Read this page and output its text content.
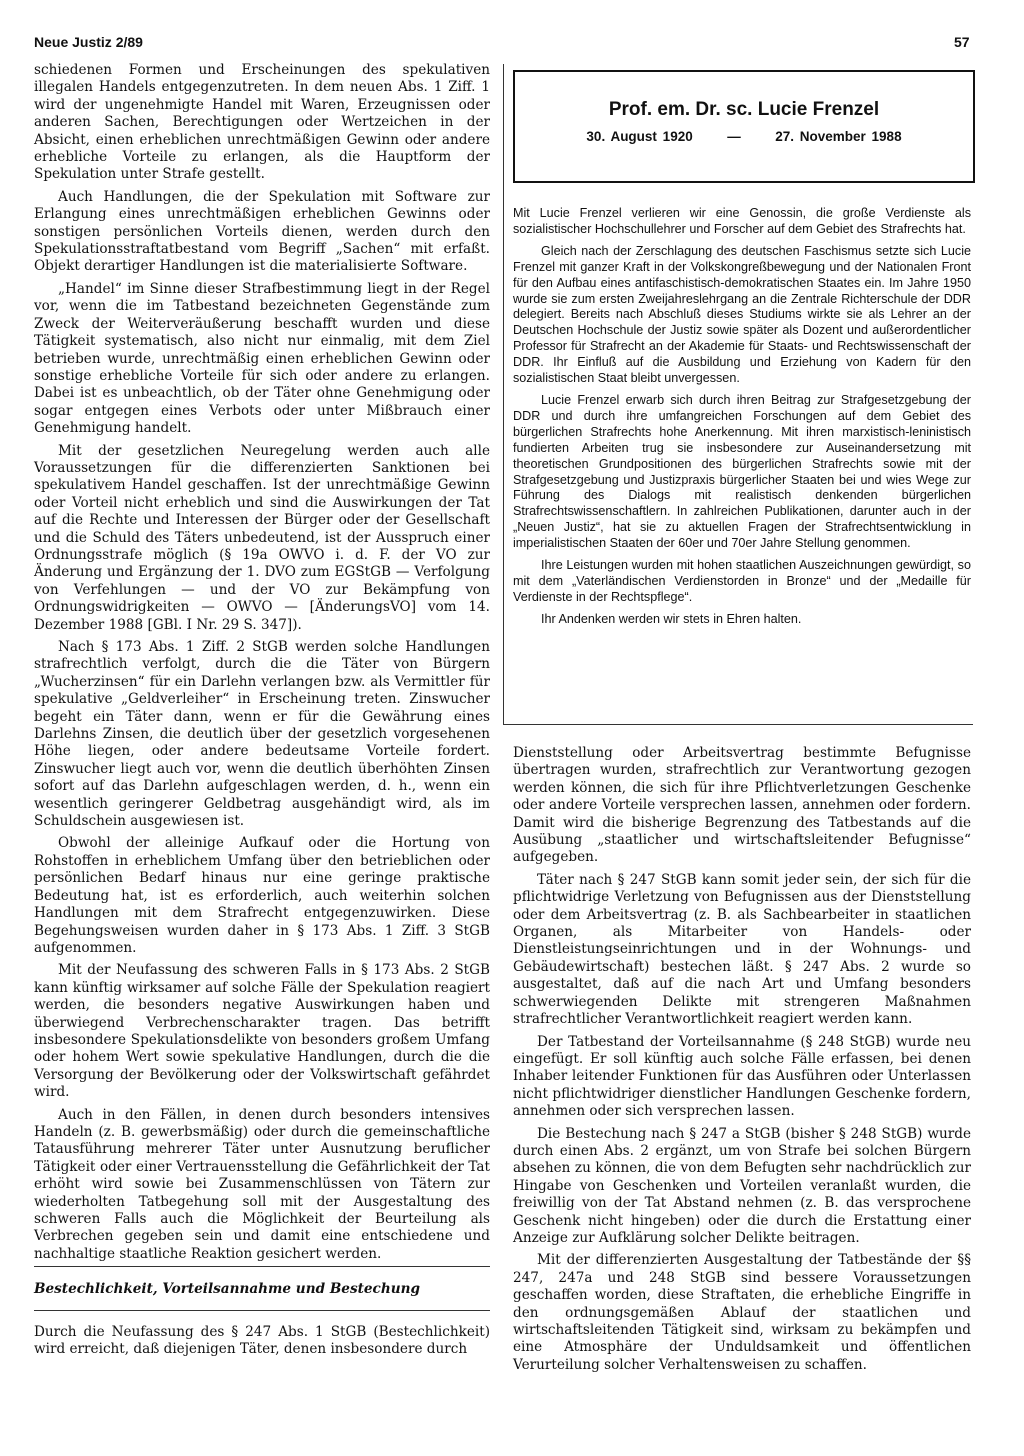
Neue Justiz 2/89	57

schiedenen Formen und Erscheinungen des spekulativen illegalen Handels entgegenzutreten. In dem neuen Abs. 1 Ziff. 1 wird der ungenehmigte Handel mit Waren, Erzeugnissen oder anderen Sachen, Berechtigungen oder Wertzeichen in der Absicht, einen erheblichen unrechtmäßigen Gewinn oder andere erhebliche Vorteile zu erlangen, als die Hauptform der Spekulation unter Strafe gestellt.

Auch Handlungen, die der Spekulation mit Software zur Erlangung eines unrechtmäßigen erheblichen Gewinns oder sonstigen persönlichen Vorteils dienen, werden durch den Spekulationsstraftatbestand vom Begriff „Sachen“ mit erfaßt. Objekt derartiger Handlungen ist die materialisierte Software.

„Handel“ im Sinne dieser Strafbestimmung liegt in der Regel vor, wenn die im Tatbestand bezeichneten Gegenstände zum Zweck der Weiterveräußerung beschafft wurden und diese Tätigkeit systematisch, also nicht nur einmalig, mit dem Ziel betrieben wurde, unrechtmäßig einen erheblichen Gewinn oder sonstige erhebliche Vorteile für sich oder andere zu erlangen. Dabei ist es unbeachtlich, ob der Täter ohne Genehmigung oder sogar entgegen eines Verbots oder unter Mißbrauch einer Genehmigung handelt.

Mit der gesetzlichen Neuregelung werden auch alle Voraussetzungen für die differenzierten Sanktionen bei spekulativem Handel geschaffen. Ist der unrechtmäßige Gewinn oder Vorteil nicht erheblich und sind die Auswirkungen der Tat auf die Rechte und Interessen der Bürger oder der Gesellschaft und die Schuld des Täters unbedeutend, ist der Ausspruch einer Ordnungsstrafe möglich (§ 19a OWVO i. d. F. der VO zur Änderung und Ergänzung der 1. DVO zum EGStGB — Verfolgung von Verfehlungen — und der VO zur Bekämpfung von Ordnungswidrigkeiten — OWVO — [ÄnderungsVO] vom 14. Dezember 1988 [GBl. I Nr. 29 S. 347]).

Nach § 173 Abs. 1 Ziff. 2 StGB werden solche Handlungen strafrechtlich verfolgt, durch die die Täter von Bürgern „Wucherzinsen“ für ein Darlehn verlangen bzw. als Vermittler für spekulative „Geldverleiher“ in Erscheinung treten. Zinswucher begeht ein Täter dann, wenn er für die Gewährung eines Darlehns Zinsen, die deutlich über der gesetzlich vorgesehenen Höhe liegen, oder andere bedeutsame Vorteile fordert. Zinswucher liegt auch vor, wenn die deutlich überhöhten Zinsen sofort auf das Darlehn aufgeschlagen werden, d. h., wenn ein wesentlich geringerer Geldbetrag ausgehändigt wird, als im Schuldschein ausgewiesen ist.

Obwohl der alleinige Aufkauf oder die Hortung von Rohstoffen in erheblichem Umfang über den betrieblichen oder persönlichen Bedarf hinaus nur eine geringe praktische Bedeutung hat, ist es erforderlich, auch weiterhin solchen Handlungen mit dem Strafrecht entgegenzuwirken. Diese Begehungsweisen wurden daher in § 173 Abs. 1 Ziff. 3 StGB aufgenommen.

Mit der Neufassung des schweren Falls in § 173 Abs. 2 StGB kann künftig wirksamer auf solche Fälle der Spekulation reagiert werden, die besonders negative Auswirkungen haben und überwiegend Verbrechenscharakter tragen. Das betrifft insbesondere Spekulationsdelikte von besonders großem Umfang oder hohem Wert sowie spekulative Handlungen, durch die die Versorgung der Bevölkerung oder der Volkswirtschaft gefährdet wird.

Auch in den Fällen, in denen durch besonders intensives Handeln (z. B. gewerbsmäßig) oder durch die gemeinschaftliche Tatausführung mehrerer Täter unter Ausnutzung beruflicher Tätigkeit oder einer Vertrauensstellung die Gefährlichkeit der Tat erhöht wird sowie bei Zusammenschlüssen von Tätern zur wiederholten Tatbegehung soll mit der Ausgestaltung des schweren Falls auch die Möglichkeit der Beurteilung als Verbrechen gegeben sein und damit eine entschiedene und nachhaltige staatliche Reaktion gesichert werden.

Bestechlichkeit, Vorteilsannahme und Bestechung

Durch die Neufassung des § 247 Abs. 1 StGB (Bestechlichkeit) wird erreicht, daß diejenigen Täter, denen insbesondere durch

Prof. em. Dr. sc. Lucie Frenzel
30. August 1920	—	27. November 1988

Mit Lucie Frenzel verlieren wir eine Genossin, die große Verdienste als sozialistischer Hochschullehrer und Forscher auf dem Gebiet des Strafrechts hat.

Gleich nach der Zerschlagung des deutschen Faschismus setzte sich Lucie Frenzel mit ganzer Kraft in der Volkskongreßbewegung und der Nationalen Front für den Aufbau eines antifaschistisch-demokratischen Staates ein. Im Jahre 1950 wurde sie zum ersten Zweijahreslehrgang an die Zentrale Richterschule der DDR delegiert. Bereits nach Abschluß dieses Studiums wirkte sie als Lehrer an der Deutschen Hochschule der Justiz sowie später als Dozent und außerordentlicher Professor für Strafrecht an der Akademie für Staats- und Rechtswissenschaft der DDR. Ihr Einfluß auf die Ausbildung und Erziehung von Kadern für den sozialistischen Staat bleibt unvergessen.

Lucie Frenzel erwarb sich durch ihren Beitrag zur Strafgesetzgebung der DDR und durch ihre umfangreichen Forschungen auf dem Gebiet des bürgerlichen Strafrechts hohe Anerkennung. Mit ihren marxistisch-leninistisch fundierten Arbeiten trug sie insbesondere zur Auseinandersetzung mit theoretischen Grundpositionen des bürgerlichen Strafrechts sowie mit der Strafgesetzgebung und Justizpraxis bürgerlicher Staaten bei und wies Wege zur Führung des Dialogs mit realistisch denkenden bürgerlichen Strafrechtswissenschaftlern. In zahlreichen Publikationen, darunter auch in der „Neuen Justiz“, hat sie zu aktuellen Fragen der Strafrechtsentwicklung in imperialistischen Staaten der 60er und 70er Jahre Stellung genommen.

Ihre Leistungen wurden mit hohen staatlichen Auszeichnungen gewürdigt, so mit dem „Vaterländischen Verdienstorden in Bronze“ und der „Medaille für Verdienste in der Rechtspflege“.

Ihr Andenken werden wir stets in Ehren halten.

Dienststellung oder Arbeitsvertrag bestimmte Befugnisse übertragen wurden, strafrechtlich zur Verantwortung gezogen werden können, die sich für ihre Pflichtverletzungen Geschenke oder andere Vorteile versprechen lassen, annehmen oder fordern. Damit wird die bisherige Begrenzung des Tatbestands auf die Ausübung „staatlicher und wirtschaftsleitender Befugnisse“ aufgegeben.

Täter nach § 247 StGB kann somit jeder sein, der sich für die pflichtwidrige Verletzung von Befugnissen aus der Dienststellung oder dem Arbeitsvertrag (z. B. als Sachbearbeiter in staatlichen Organen, als Mitarbeiter von Handels- oder Dienstleistungseinrichtungen und in der Wohnungs- und Gebäudewirtschaft) bestechen läßt. § 247 Abs. 2 wurde so ausgestaltet, daß auf die nach Art und Umfang besonders schwerwiegenden Delikte mit strengeren Maßnahmen strafrechtlicher Verantwortlichkeit reagiert werden kann.

Der Tatbestand der Vorteilsannahme (§ 248 StGB) wurde neu eingefügt. Er soll künftig auch solche Fälle erfassen, bei denen Inhaber leitender Funktionen für das Ausführen oder Unterlassen nicht pflichtwidriger dienstlicher Handlungen Geschenke fordern, annehmen oder sich versprechen lassen.

Die Bestechung nach § 247 a StGB (bisher § 248 StGB) wurde durch einen Abs. 2 ergänzt, um von Strafe bei solchen Bürgern absehen zu können, die von dem Befugten sehr nachdrücklich zur Hingabe von Geschenken und Vorteilen veranlaßt wurden, die freiwillig von der Tat Abstand nehmen (z. B. das versprochene Geschenk nicht hingeben) oder die durch die Erstattung einer Anzeige zur Aufklärung solcher Delikte beitragen.

Mit der differenzierten Ausgestaltung der Tatbestände der §§ 247, 247a und 248 StGB sind bessere Voraussetzungen geschaffen worden, diese Straftaten, die erhebliche Eingriffe in den ordnungsgemäßen Ablauf der staatlichen und wirtschaftsleitenden Tätigkeit sind, wirksam zu bekämpfen und eine Atmosphäre der Unduldsamkeit und öffentlichen Verurteilung solcher Verhaltensweisen zu schaffen.
